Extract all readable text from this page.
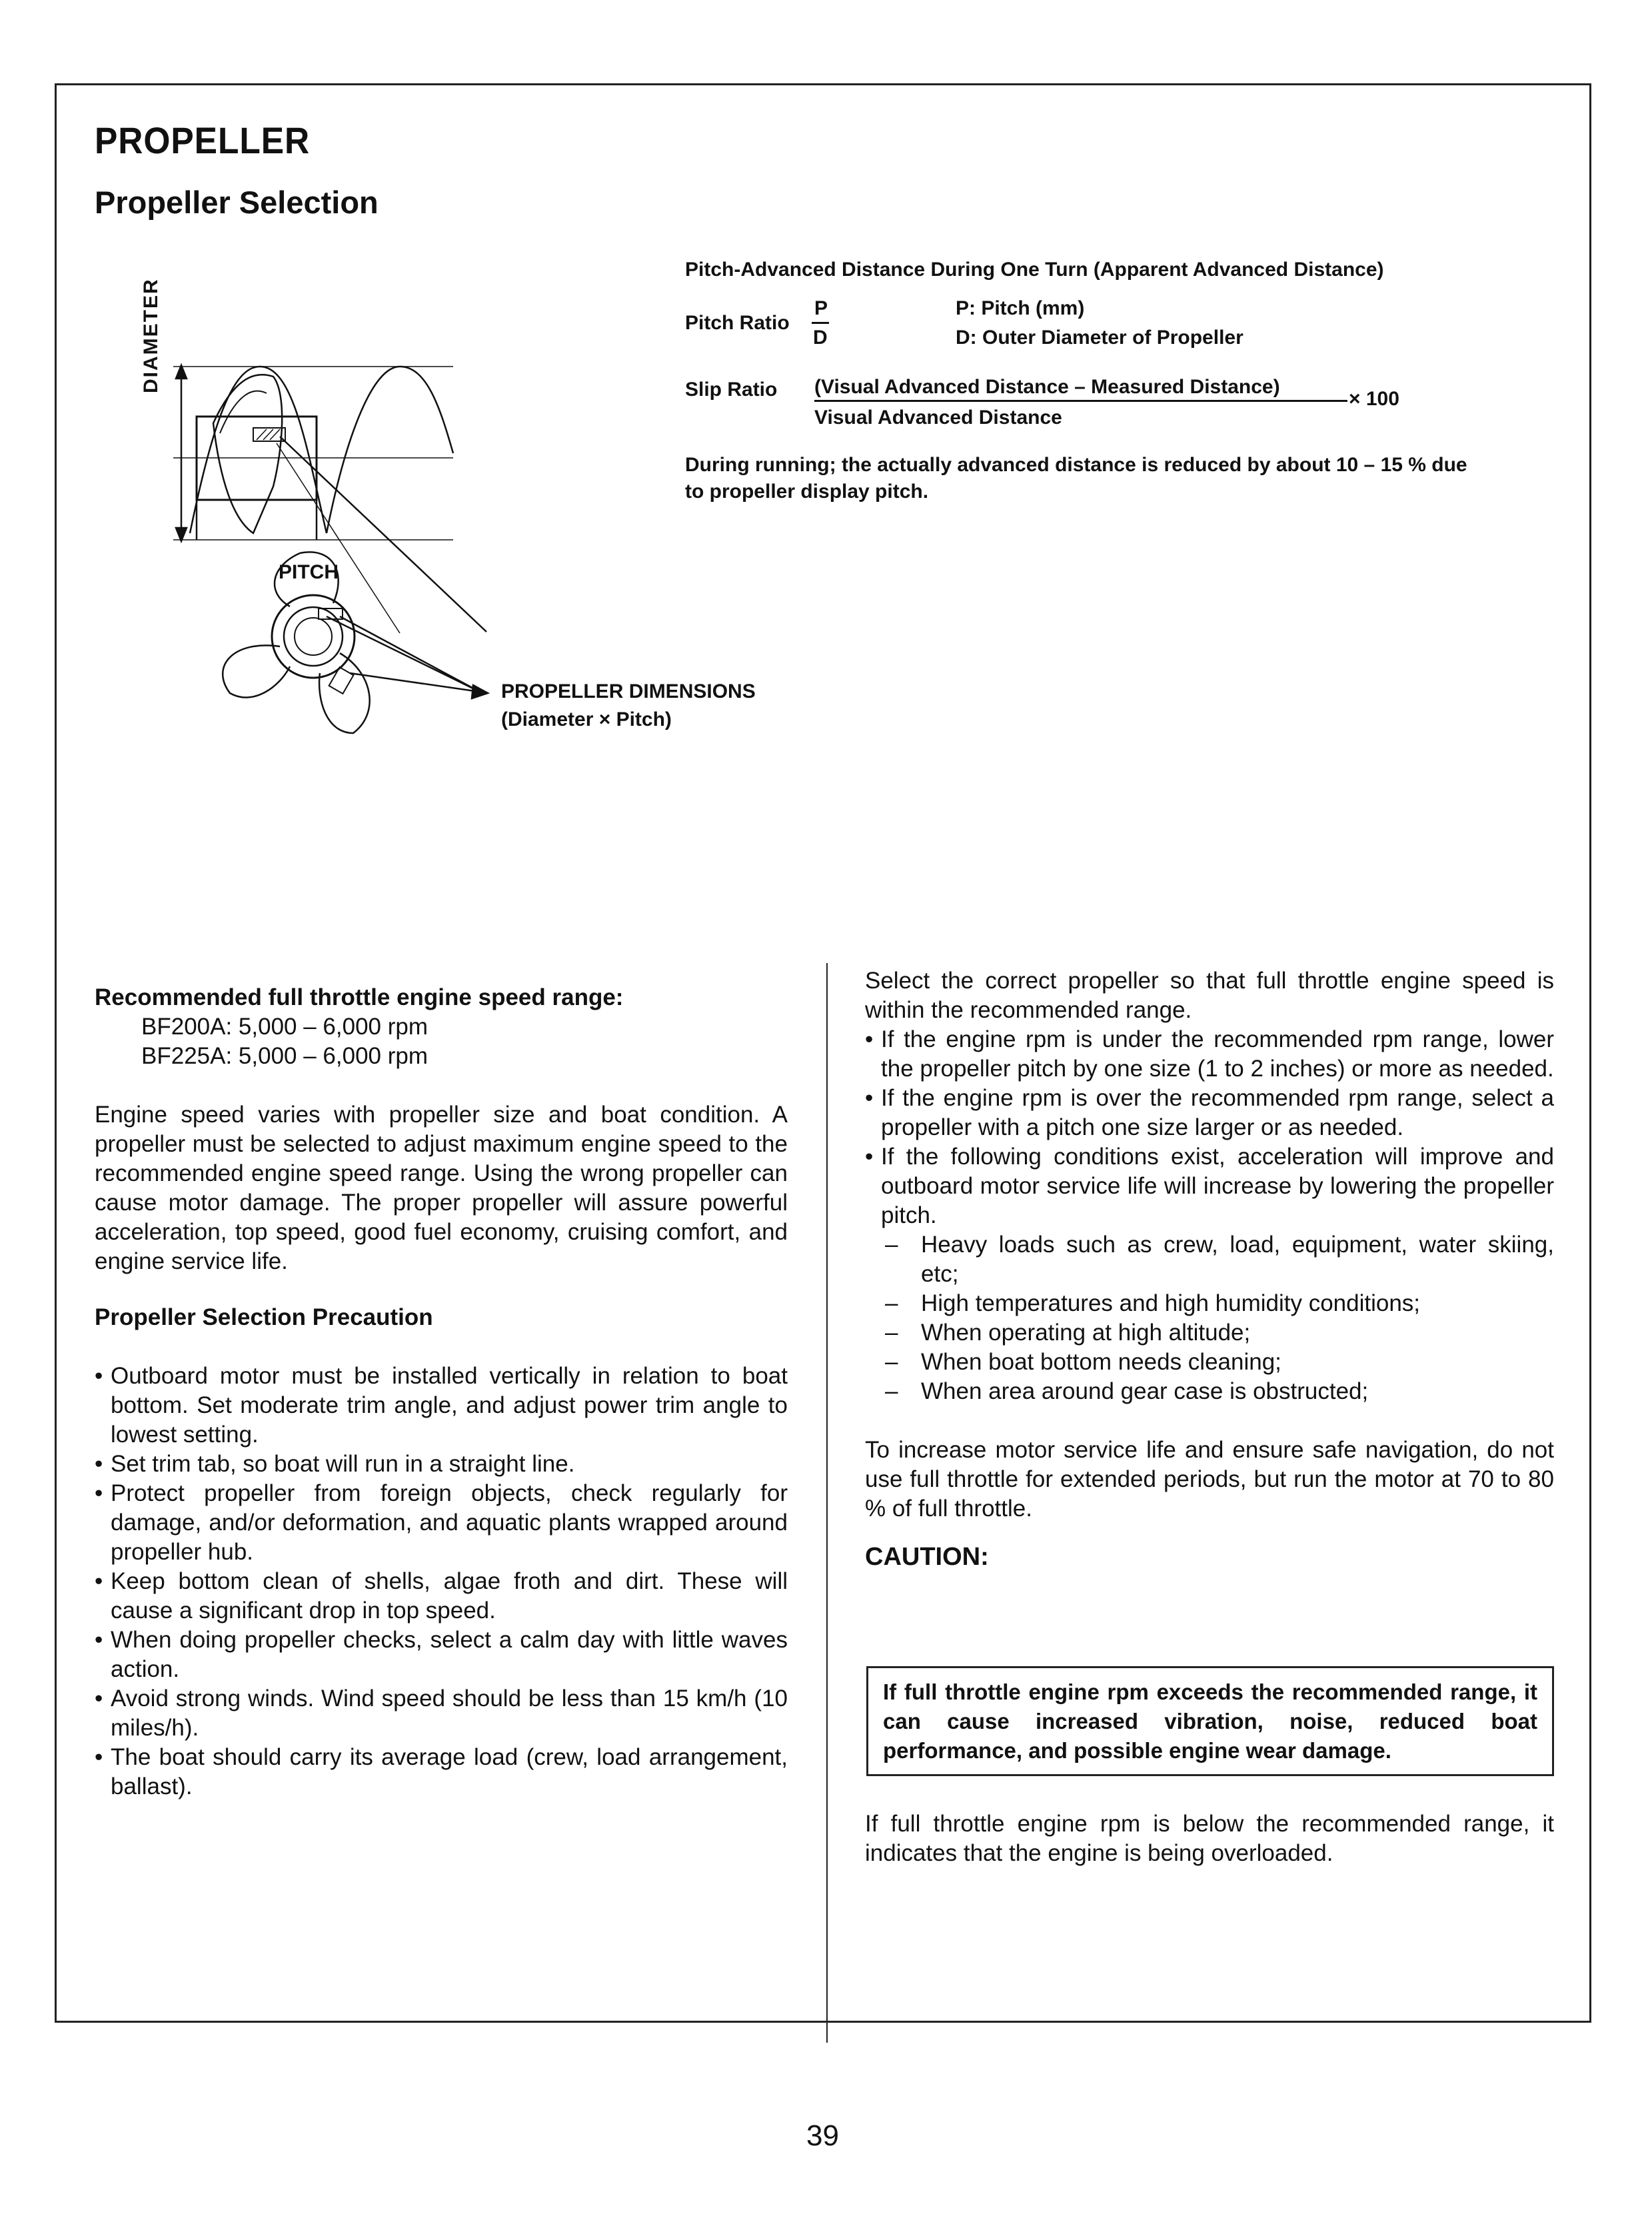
PROPELLER
Propeller Selection
Pitch-Advanced Distance During One Turn (Apparent Advanced Distance)
Pitch Ratio
P
D
P: Pitch (mm)
D: Outer Diameter of Propeller
Slip Ratio (Visual Advanced Distance – Measured Distance)
Visual Advanced Distance
× 100
During running; the actually advanced distance is reduced by about 10 – 15 % due to propeller display pitch.
DIAMETER
PITCH
PROPELLER DIMENSIONS
(Diameter × Pitch)
Recommended full throttle engine speed range:
BF200A: 5,000 – 6,000 rpm
BF225A: 5,000 – 6,000 rpm
Engine speed varies with propeller size and boat condition. A propeller must be selected to adjust maximum engine speed to the recommended engine speed range. Using the wrong propeller can cause motor damage. The proper propeller will assure powerful acceleration, top speed, good fuel economy, cruising comfort, and engine service life.
Propeller Selection Precaution
• Outboard motor must be installed vertically in relation to boat bottom. Set moderate trim angle, and adjust power trim angle to lowest setting.
• Set trim tab, so boat will run in a straight line.
• Protect propeller from foreign objects, check regularly for damage, and/or deformation, and aquatic plants wrapped around propeller hub.
• Keep bottom clean of shells, algae froth and dirt. These will cause a significant drop in top speed.
• When doing propeller checks, select a calm day with little waves action.
• Avoid strong winds. Wind speed should be less than 15 km/h (10 miles/h).
• The boat should carry its average load (crew, load arrangement, ballast).
Select the correct propeller so that full throttle engine speed is within the recommended range.
• If the engine rpm is under the recommended rpm range, lower the propeller pitch by one size (1 to 2 inches) or more as needed.
• If the engine rpm is over the recommended rpm range, select a propeller with a pitch one size larger or as needed.
• If the following conditions exist, acceleration will improve and outboard motor service life will increase by lowering the propeller pitch.
– Heavy loads such as crew, load, equipment, water skiing, etc;
– High temperatures and high humidity conditions;
– When operating at high altitude;
– When boat bottom needs cleaning;
– When area around gear case is obstructed;
To increase motor service life and ensure safe navigation, do not use full throttle for extended periods, but run the motor at 70 to 80 % of full throttle.
CAUTION:
If full throttle engine rpm exceeds the recommended range, it can cause increased vibration, noise, reduced boat performance, and possible engine wear damage.
If full throttle engine rpm is below the recommended range, it indicates that the engine is being overloaded.
39
